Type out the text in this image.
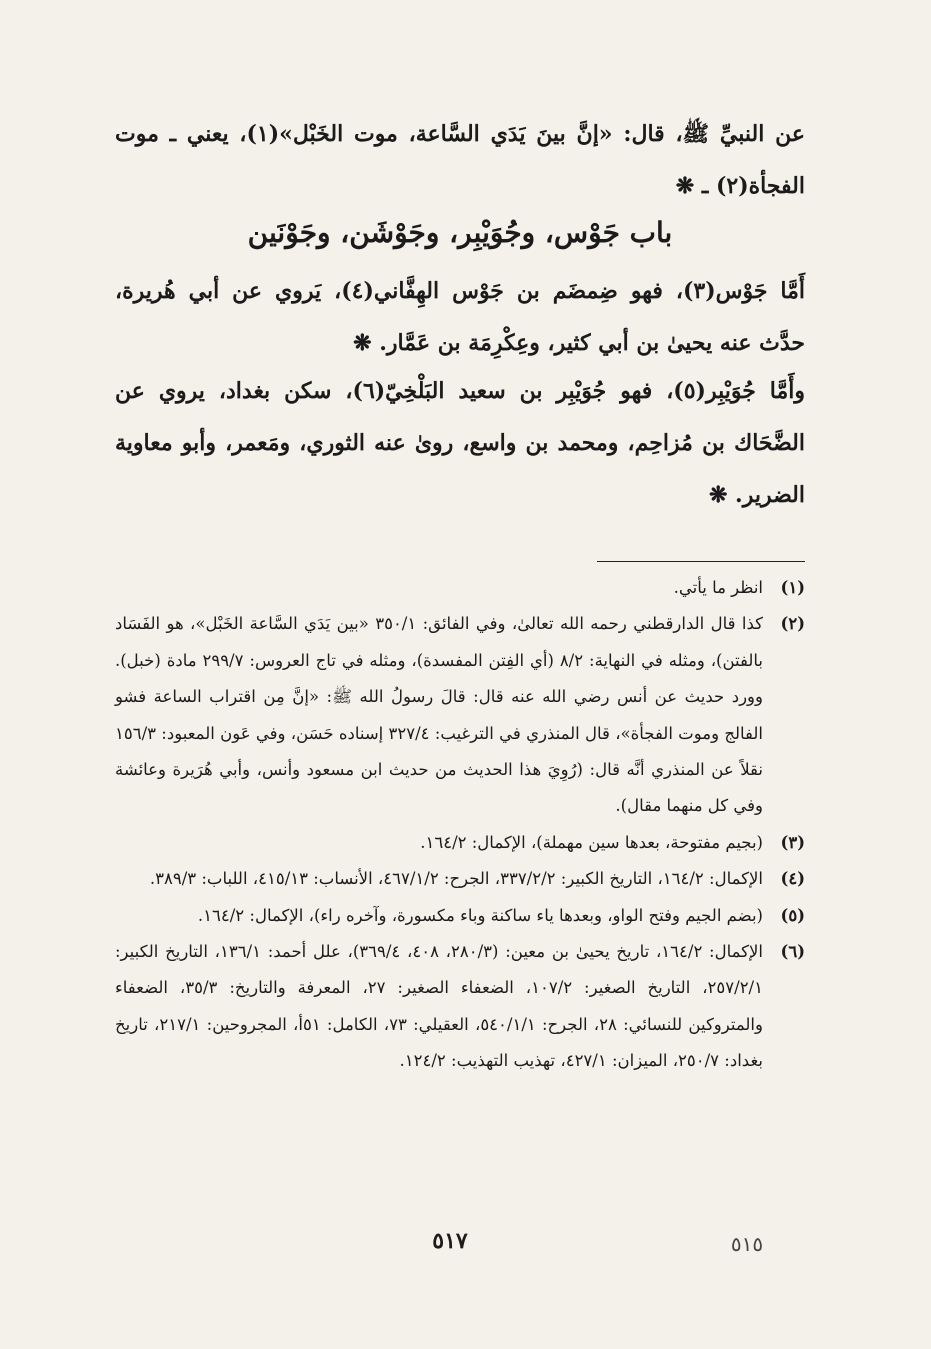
عن النبيِّ ﷺ، قال: «إنَّ بينَ يَدَي السَّاعة، موت الخَبْل»(١)، يعني ـ موت الفجأة(٢) ـ ❋

باب جَوْس، وجُوَيْبِر، وجَوْشَن، وجَوْنَين
أَمَّا جَوْس(٣)، فهو ضِمضَم بن جَوْس الهِفَّاني(٤)، يَروي عن أبي هُريرة، حدَّث عنه يحيىٰ بن أبي كثير، وعِكْرِمَة بن عَمَّار. ❋
وأَمَّا جُوَيْبِر(٥)، فهو جُوَيْبِر بن سعيد البَلْخِيّ(٦)، سكن بغداد، يروي عن الضَّحَاك بن مُزاحِم، ومحمد بن واسع، روىٰ عنه الثوري، ومَعمر، وأبو معاوية الضرير. ❋
(١)
انظر ما يأتي.
(٢)
كذا قال الدارقطني رحمه الله تعالىٰ، وفي الفائق: ٣٥٠/١ «بين يَدَي السَّاعة الخَبْل»، هو الفَسَاد بالفتن)، ومثله في النهاية: ٨/٢ (أي الفِتن المفسدة)، ومثله في تاج العروس: ٢٩٩/٧ مادة (خبل). وورد حديث عن أنس رضي الله عنه قال: قالَ رسولُ الله ﷺ: «إنَّ مِن اقتراب الساعة فشو الفالج وموت الفجأة»، قال المنذري في الترغيب: ٣٢٧/٤ إسناده حَسَن، وفي عَون المعبود: ١٥٦/٣ نقلاً عن المنذري أنَّه قال: (رُوِيَ هذا الحديث من حديث ابن مسعود وأنس، وأبي هُرَيرة وعائشة وفي كل منهما مقال).
(٣)
(بجيم مفتوحة، بعدها سين مهملة)، الإكمال: ١٦٤/٢.
(٤)
الإكمال: ١٦٤/٢، التاريخ الكبير: ٣٣٧/٢/٢، الجرح: ٤٦٧/١/٢، الأنساب: ٤١٥/١٣، اللباب: ٣٨٩/٣.
(٥)
(بضم الجيم وفتح الواو، وبعدها ياء ساكنة وباء مكسورة، وآخره راء)، الإكمال: ١٦٤/٢.
(٦)
الإكمال: ١٦٤/٢، تاريخ يحيىٰ بن معين: (٢٨٠/٣، ٤٠٨، ٣٦٩/٤)، علل أحمد: ١٣٦/١، التاريخ الكبير: ٢٥٧/٢/١، التاريخ الصغير: ١٠٧/٢، الضعفاء الصغير: ٢٧، المعرفة والتاريخ: ٣٥/٣، الضعفاء والمتروكين للنسائي: ٢٨، الجرح: ٥٤٠/١/١، العقيلي: ٧٣، الكامل: ٥١أ، المجروحين: ٢١٧/١، تاريخ بغداد: ٢٥٠/٧، الميزان: ٤٢٧/١، تهذيب التهذيب: ١٢٤/٢.
٥١٧	٥١٥
